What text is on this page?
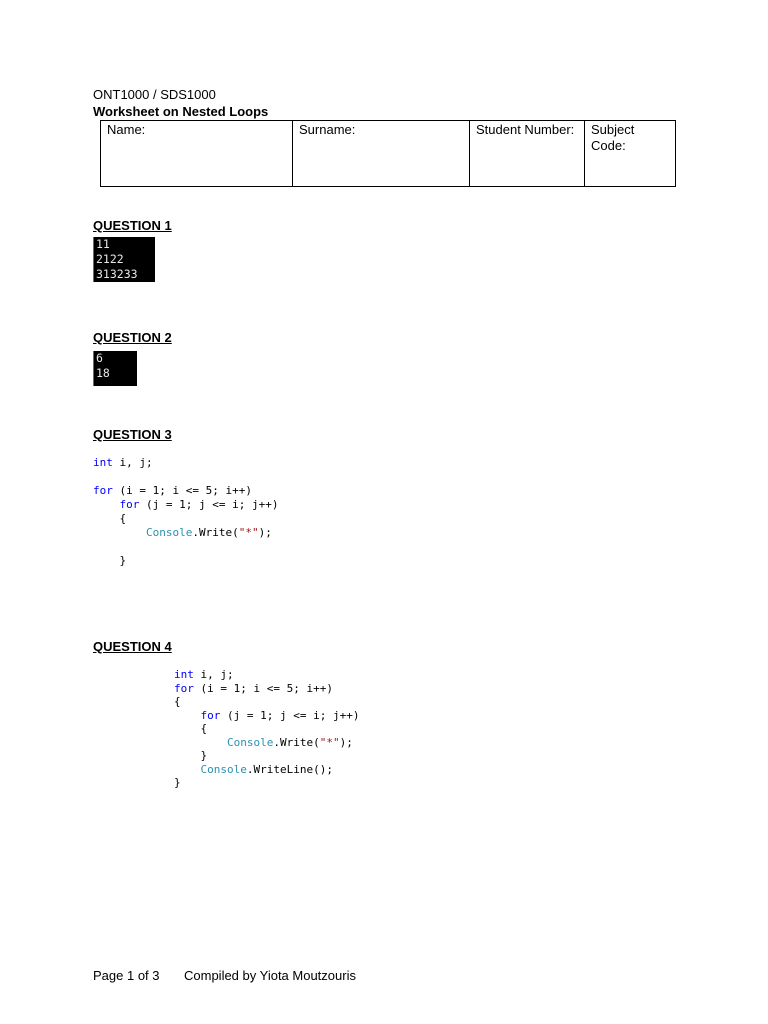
ONT1000 / SDS1000
Worksheet on Nested Loops
Name:	Surname:	Student Number:	Subject Code:
QUESTION 1
11
2122
313233
QUESTION 2
6
18
QUESTION 3
int i, j;

for (i = 1; i <= 5; i++)
for (j = 1; j <= i; j++)
{
Console.Write("*");

}
QUESTION 4
int i, j;
for (i = 1; i <= 5; i++)
{
for (j = 1; j <= i; j++)
{
Console.Write("*");
}
Console.WriteLine();
}
Page 1 of 3 Compiled by Yiota Moutzouris
